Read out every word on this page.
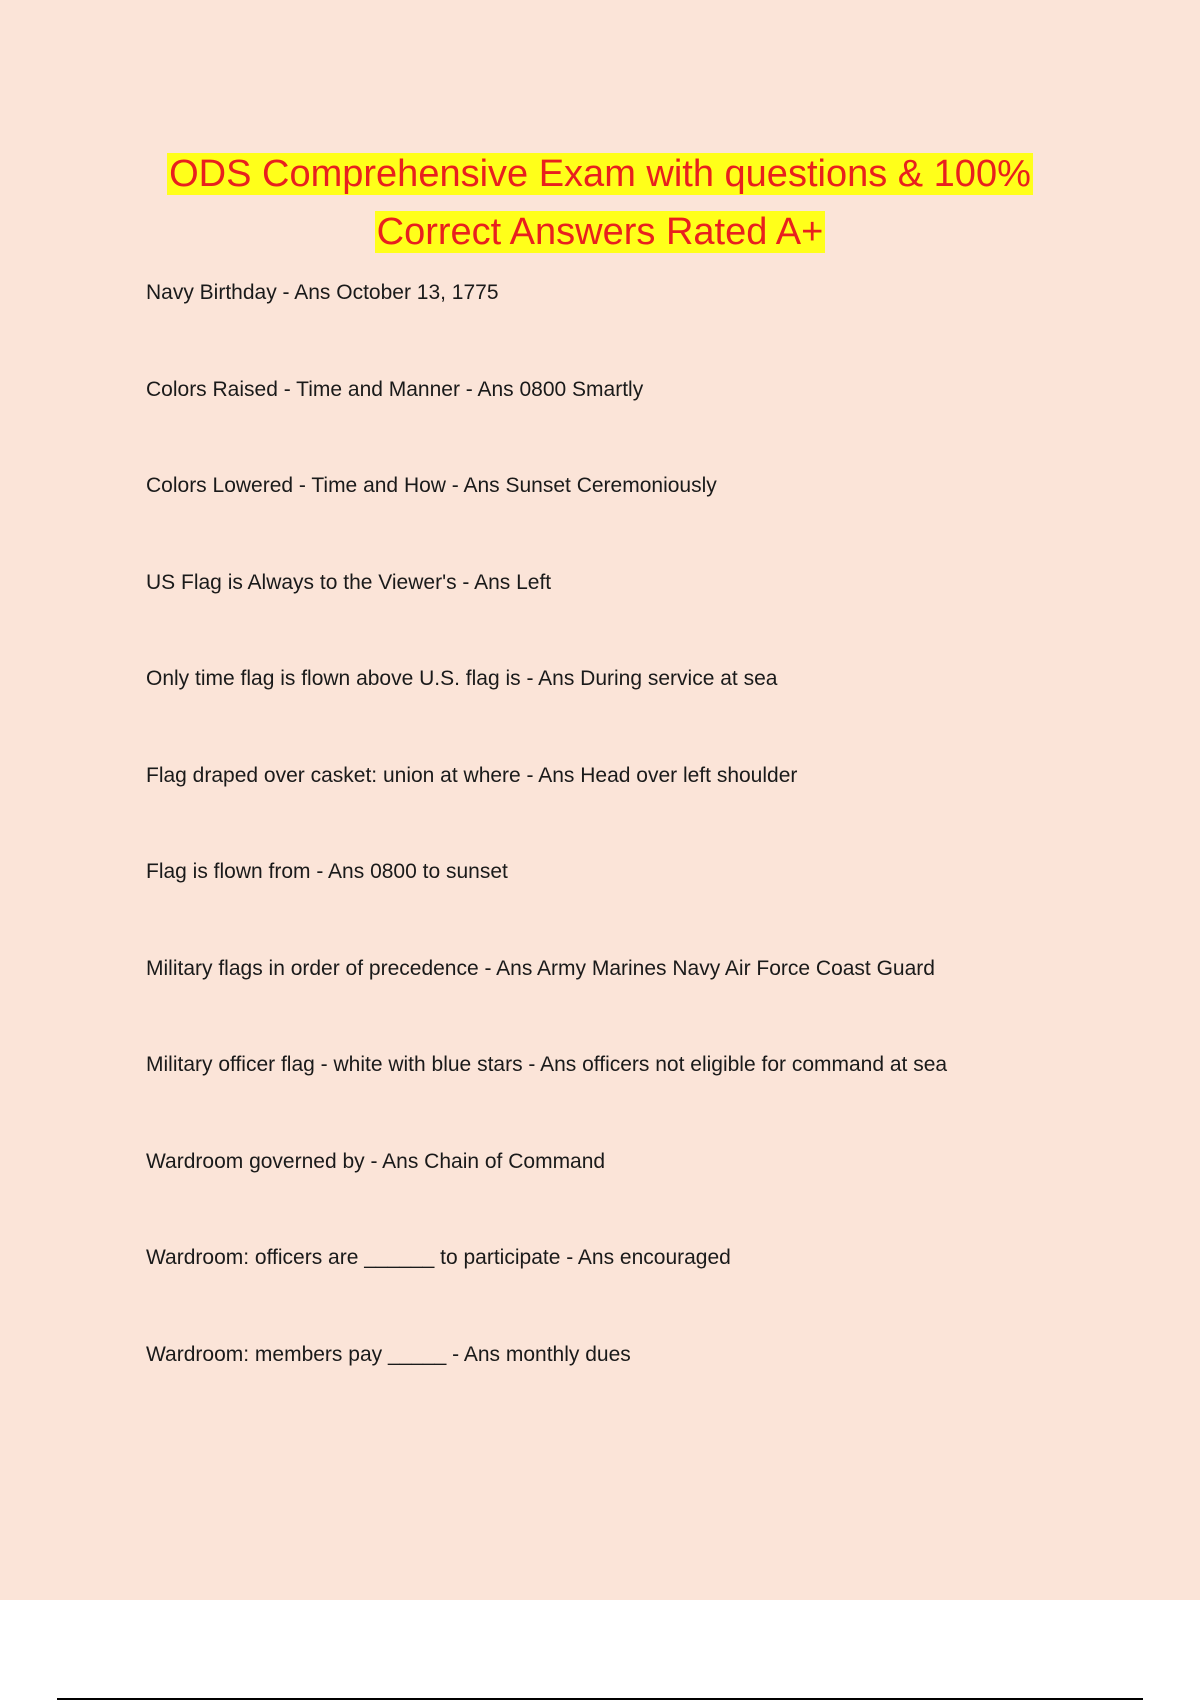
ODS Comprehensive Exam with questions & 100%
Correct Answers Rated A+
Navy Birthday - Ans October 13, 1775
Colors Raised - Time and Manner - Ans 0800 Smartly
Colors Lowered - Time and How - Ans Sunset Ceremoniously
US Flag is Always to the Viewer's - Ans Left
Only time flag is flown above U.S. flag is - Ans During service at sea
Flag draped over casket: union at where - Ans Head over left shoulder
Flag is flown from - Ans 0800 to sunset
Military flags in order of precedence - Ans Army Marines Navy Air Force Coast Guard
Military officer flag - white with blue stars - Ans officers not eligible for command at sea
Wardroom governed by - Ans Chain of Command
Wardroom: officers are ______ to participate - Ans encouraged
Wardroom: members pay _____ - Ans monthly dues
